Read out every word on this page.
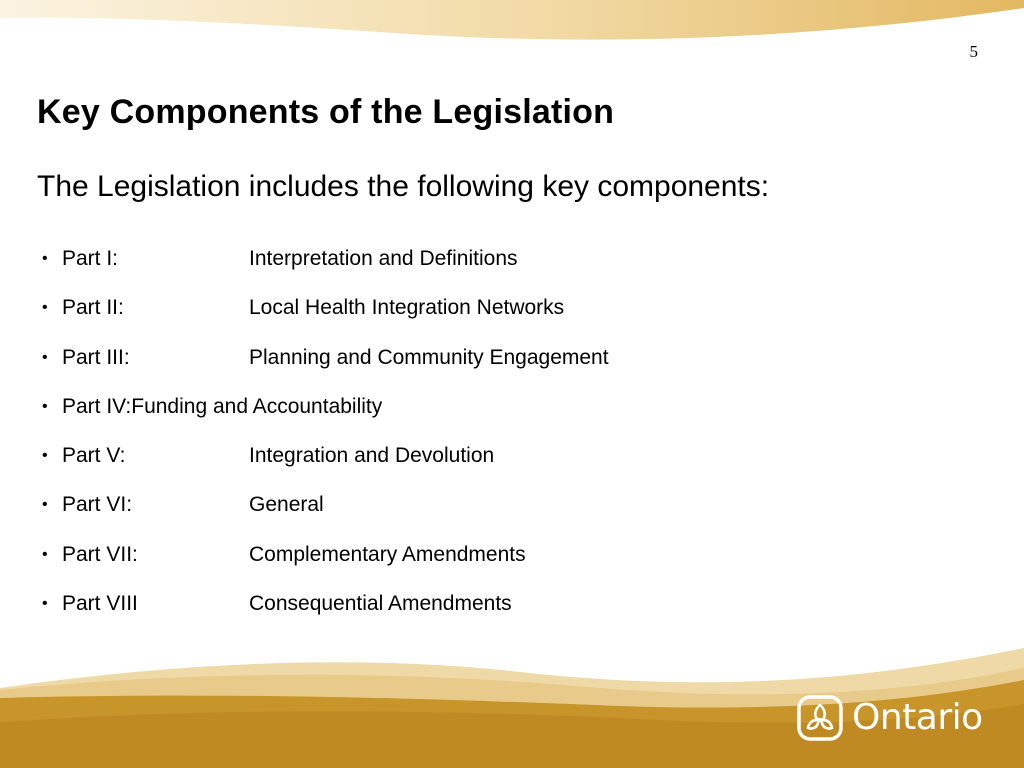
5
Key Components of the Legislation

The Legislation includes the following key components:

• Part I:	Interpretation and Definitions
• Part II:	Local Health Integration Networks
• Part III:	Planning and Community Engagement
• Part IV:Funding and Accountability
• Part V:	Integration and Devolution
• Part VI:	General
• Part VII:	Complementary Amendments
• Part VIII	Consequential Amendments
Ontario
